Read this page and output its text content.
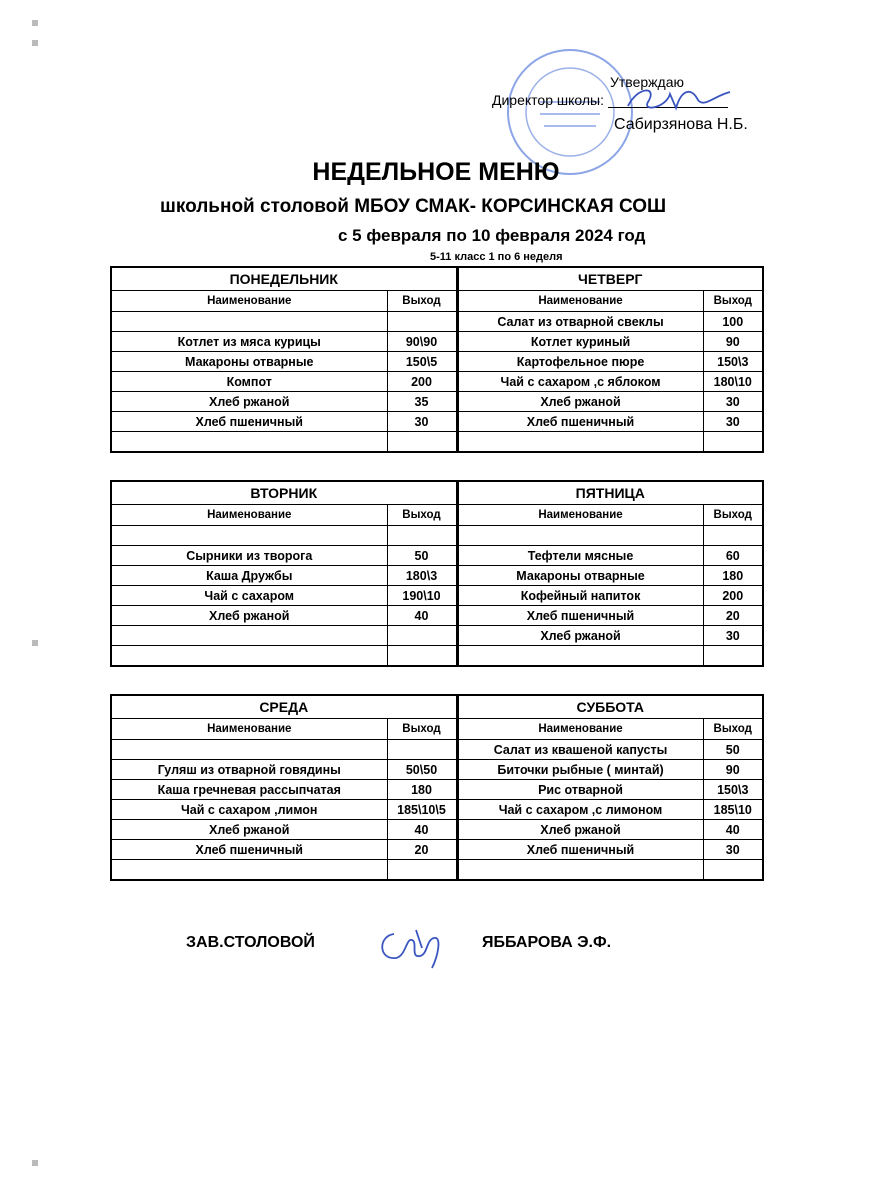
Утверждаю
Директор школы:
Сабирзянова Н.Б.
НЕДЕЛЬНОЕ МЕНЮ
школьной столовой МБОУ СМАК- КОРСИНСКАЯ СОШ
с 5 февраля по 10 февраля 2024 год
5-11 класс 1 по 6 неделя
ПОНЕДЕЛЬНИК		ЧЕТВЕРГ	
Наименование	Выход	Наименование	Выход
		Салат из отварной свеклы	100
Котлет из мяса курицы	90\90	Котлет куриный	90
Макароны отварные	150\5	Картофельное пюре	150\3
Компот	200	Чай с сахаром ,с яблоком	180\10
Хлеб ржаной	35	Хлеб ржаной	30
Хлеб пшеничный	30	Хлеб пшеничный	30

ВТОРНИК		ПЯТНИЦА	
Наименование	Выход	Наименование	Выход

Сырники из творога	50	Тефтели мясные	60
Каша Дружбы	180\3	Макароны отварные	180
Чай с сахаром	190\10	Кофейный напиток	200
Хлеб ржаной	40	Хлеб пшеничный	20
		Хлеб ржаной	30

СРЕДА		СУББОТА	
Наименование	Выход	Наименование	Выход
		Салат из квашеной капусты	50
Гуляш из отварной говядины	50\50	Биточки рыбные ( минтай)	90
Каша гречневая рассыпчатая	180	Рис отварной	150\3
Чай с сахаром ,лимон	185\10\5	Чай с сахаром ,с лимоном	185\10
Хлеб ржаной	40	Хлеб ржаной	40
Хлеб пшеничный	20	Хлеб пшеничный	30

ЗАВ.СТОЛОВОЙ	ЯББАРОВА Э.Ф.
